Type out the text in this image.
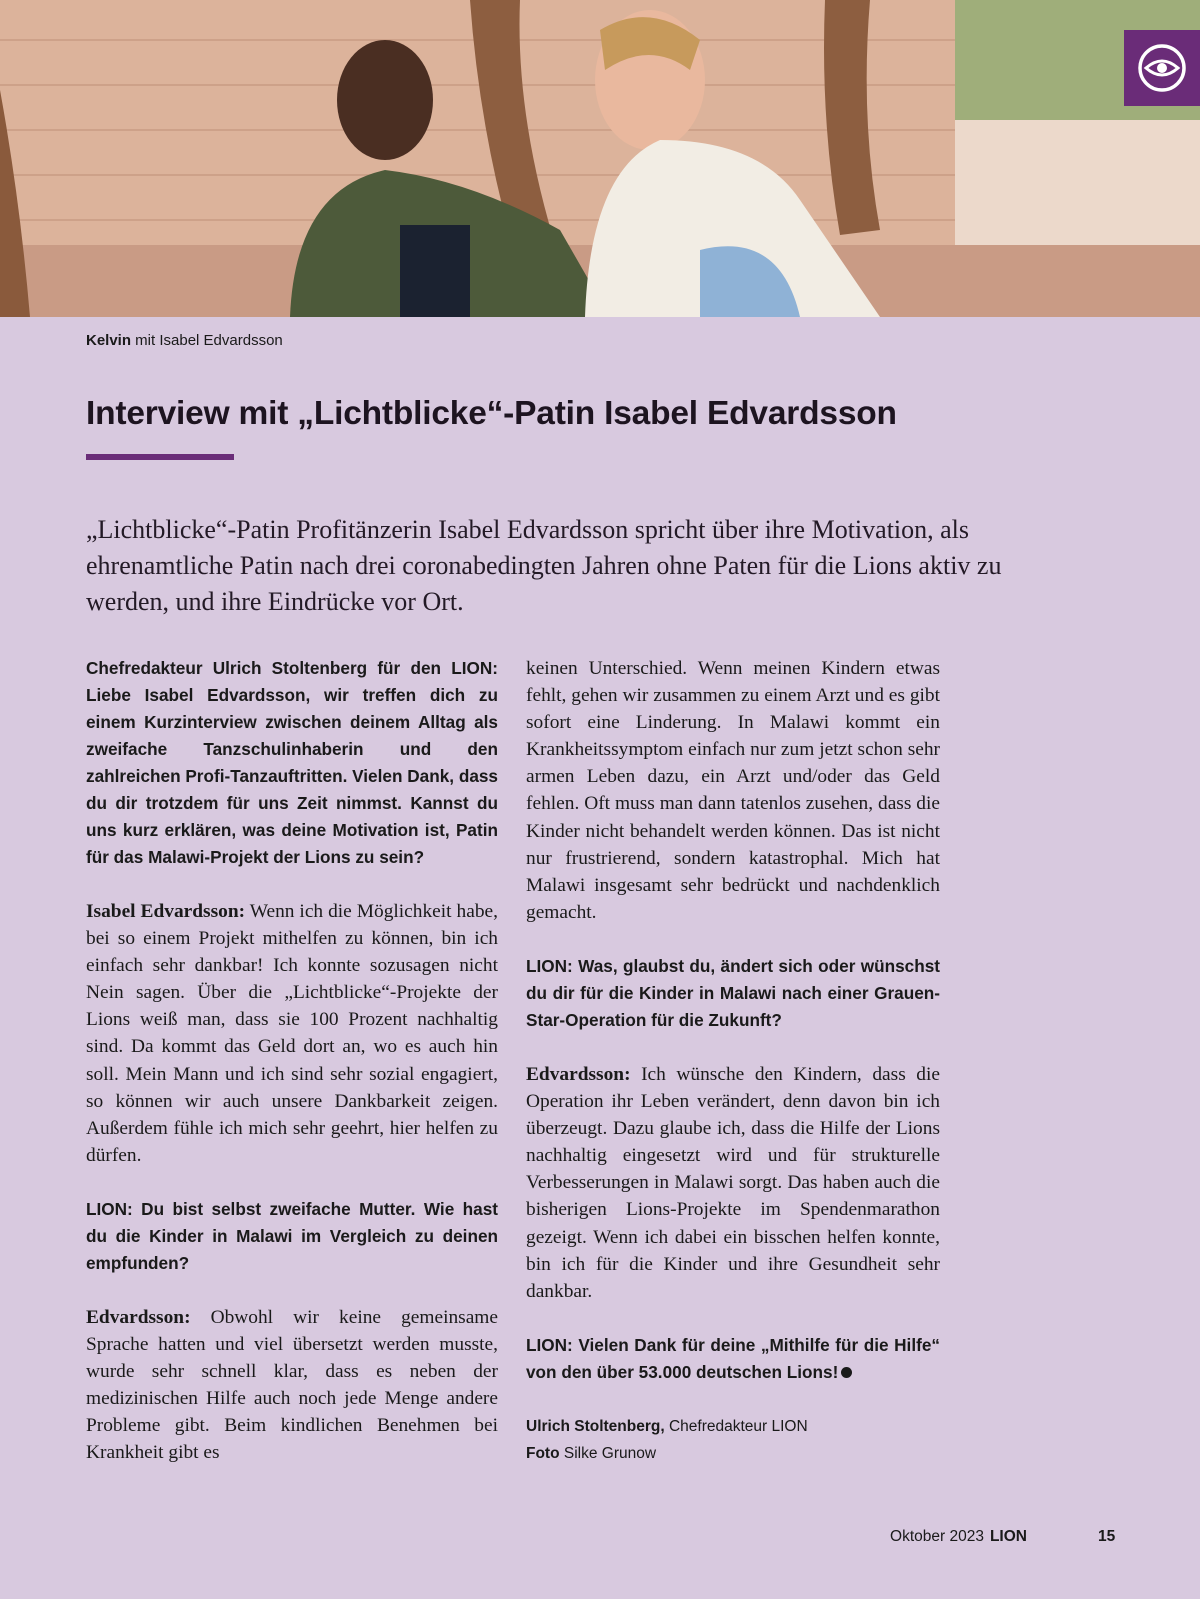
Kelvin mit Isabel Edvardsson
Interview mit „Lichtblicke“-Patin Isabel Edvardsson

„Lichtblicke“-Patin Profitänzerin Isabel Edvardsson spricht über ihre Motivation, als ehrenamtliche Patin nach drei coronabedingten Jahren ohne Paten für die Lions aktiv zu werden, und ihre Eindrücke vor Ort.

Chefredakteur Ulrich Stoltenberg für den LION: Liebe Isabel Edvardsson, wir treffen dich zu einem Kurzinterview zwischen deinem Alltag als zweifache Tanzschulinhaberin und den zahlreichen Profi-Tanzauftritten. Vielen Dank, dass du dir trotzdem für uns Zeit nimmst. Kannst du uns kurz erklären, was deine Motivation ist, Patin für das Malawi-Projekt der Lions zu sein?

Isabel Edvardsson: Wenn ich die Möglichkeit habe, bei so einem Projekt mithelfen zu können, bin ich einfach sehr dankbar! Ich konnte sozusagen nicht Nein sagen. Über die „Lichtblicke“-Projekte der Lions weiß man, dass sie 100 Prozent nachhaltig sind. Da kommt das Geld dort an, wo es auch hin soll. Mein Mann und ich sind sehr sozial engagiert, so können wir auch unsere Dankbarkeit zeigen. Außerdem fühle ich mich sehr geehrt, hier helfen zu dürfen.

LION: Du bist selbst zweifache Mutter. Wie hast du die Kinder in Malawi im Vergleich zu deinen empfunden?

Edvardsson: Obwohl wir keine gemeinsame Sprache hatten und viel übersetzt werden musste, wurde sehr schnell klar, dass es neben der medizinischen Hilfe auch noch jede Menge andere Probleme gibt. Beim kindlichen Benehmen bei Krankheit gibt es

keinen Unterschied. Wenn meinen Kindern etwas fehlt, gehen wir zusammen zu einem Arzt und es gibt sofort eine Linderung. In Malawi kommt ein Krankheitssymptom einfach nur zum jetzt schon sehr armen Leben dazu, ein Arzt und/oder das Geld fehlen. Oft muss man dann tatenlos zusehen, dass die Kinder nicht behandelt werden können. Das ist nicht nur frustrierend, sondern katastrophal. Mich hat Malawi insgesamt sehr bedrückt und nachdenklich gemacht.

LION: Was, glaubst du, ändert sich oder wünschst du dir für die Kinder in Malawi nach einer Grauen-Star-Operation für die Zukunft?

Edvardsson: Ich wünsche den Kindern, dass die Operation ihr Leben verändert, denn davon bin ich überzeugt. Dazu glaube ich, dass die Hilfe der Lions nachhaltig eingesetzt wird und für strukturelle Verbesserungen in Malawi sorgt. Das haben auch die bisherigen Lions-Projekte im Spendenmarathon gezeigt. Wenn ich dabei ein bisschen helfen konnte, bin ich für die Kinder und ihre Gesundheit sehr dankbar.

LION: Vielen Dank für deine „Mithilfe für die Hilfe“ von den über 53.000 deutschen Lions!

Ulrich Stoltenberg, Chefredakteur LION
Foto Silke Grunow
Oktober 2023 LION	15
